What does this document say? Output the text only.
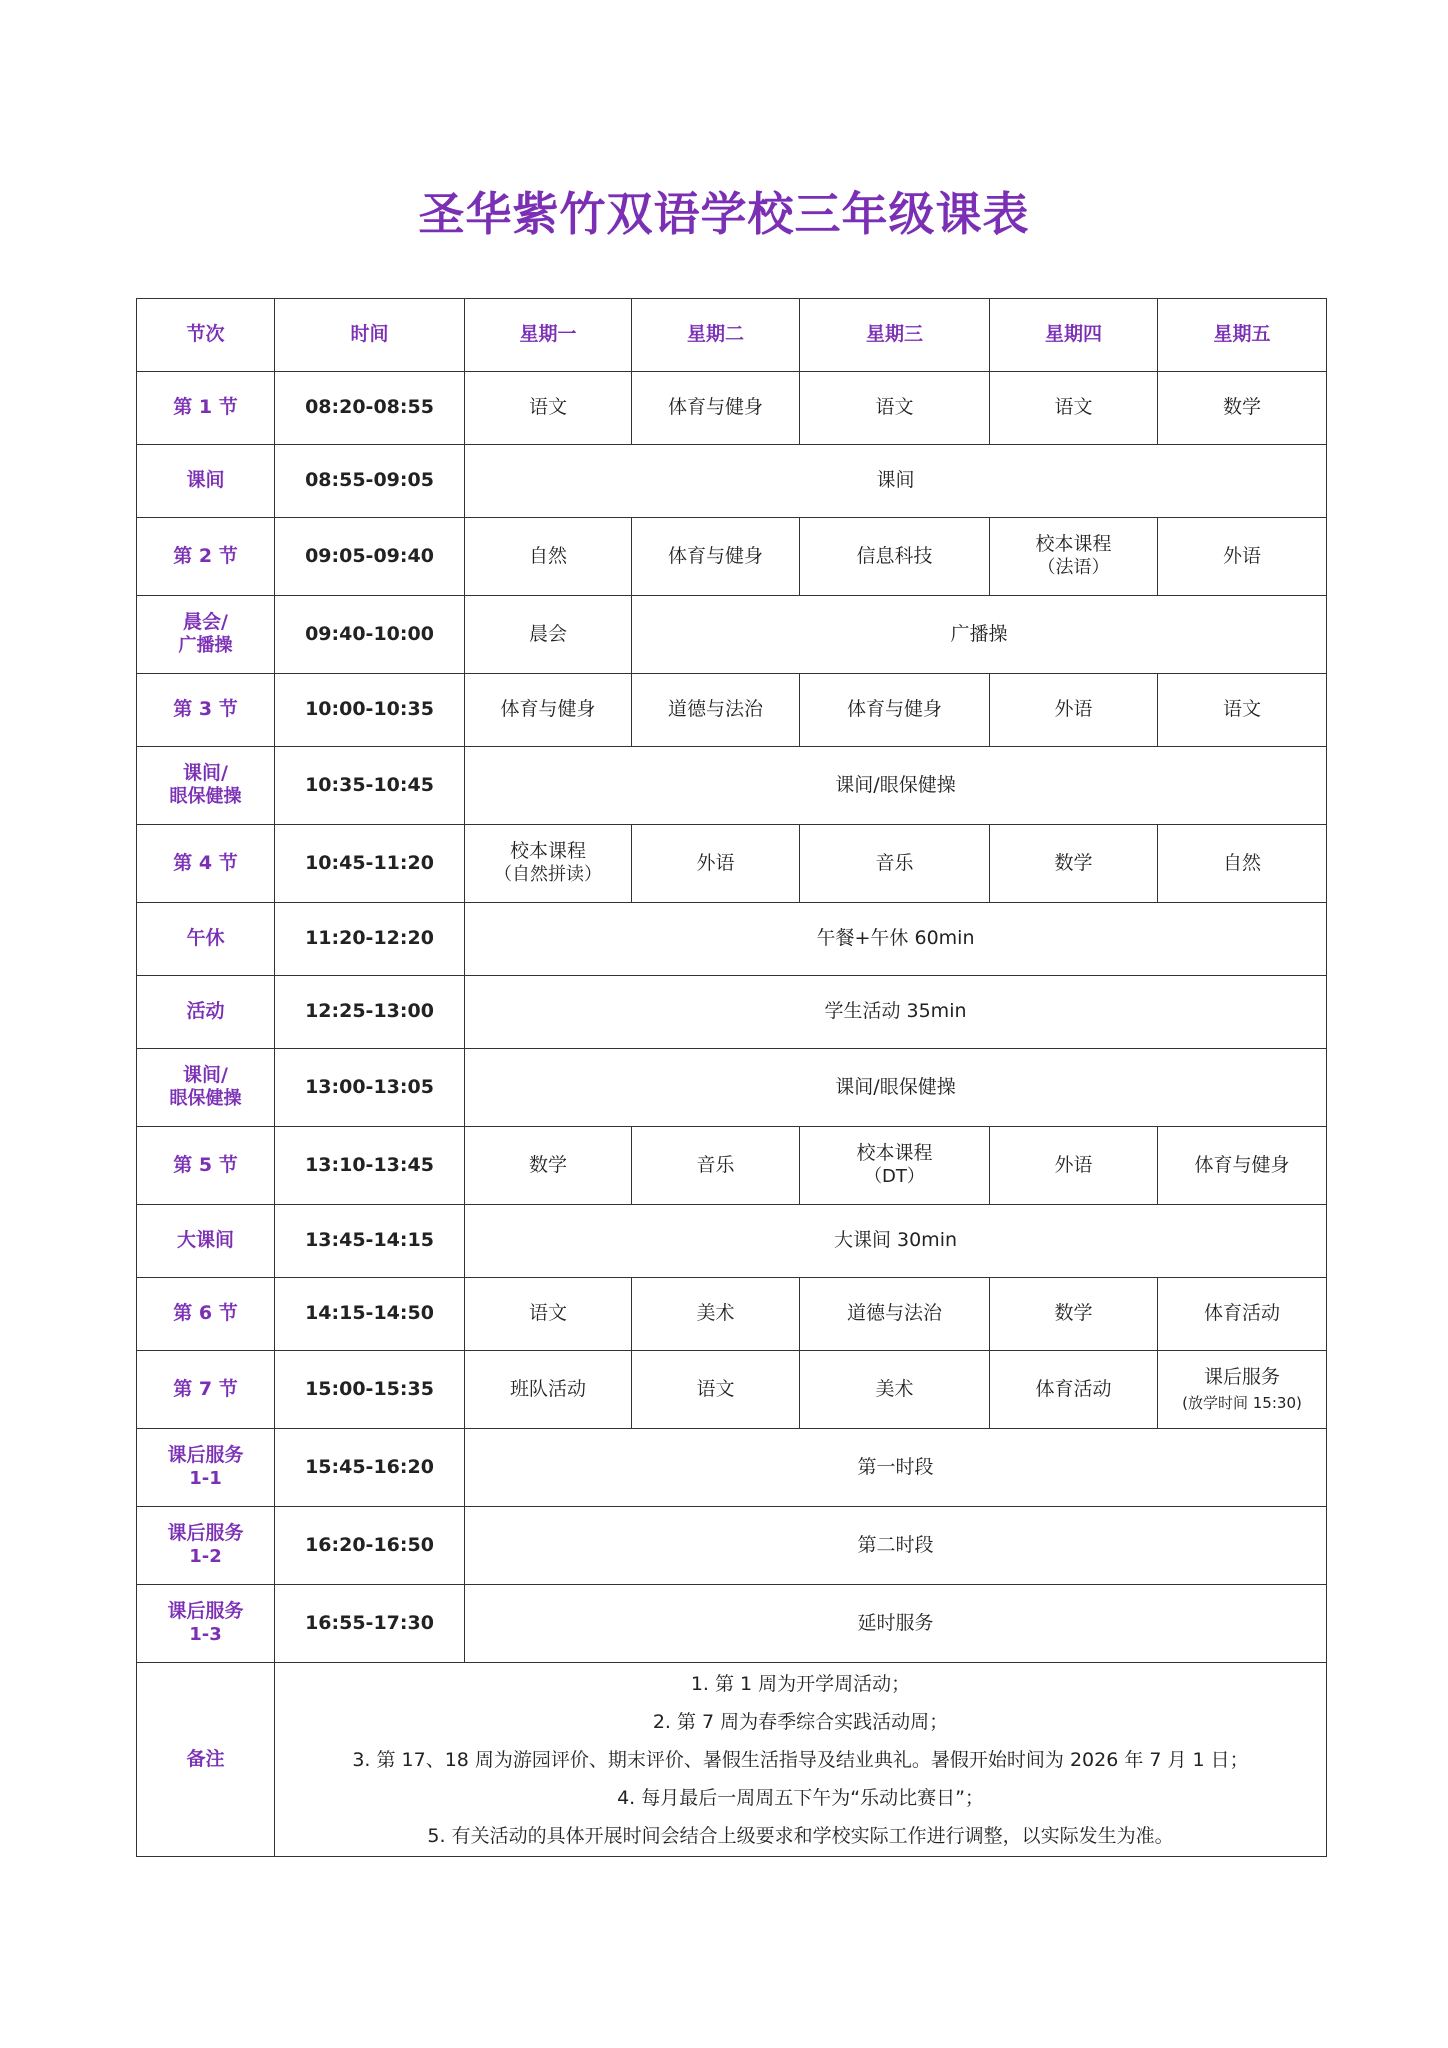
圣华紫竹双语学校三年级课表
节次	时间	星期一	星期二	星期三	星期四	星期五

第 1 节	08:20-08:55	语文	体育与健身	语文	语文	数学

课间	08:55-09:05	课间				

第 2 节	09:05-09:40	自然	体育与健身	信息科技	校本课程
（法语）	外语

晨会/
广播操	09:40-10:00	晨会	广播操			

第 3 节	10:00-10:35	体育与健身	道德与法治	体育与健身	外语	语文

课间/
眼保健操	10:35-10:45	课间/眼保健操				

第 4 节	10:45-11:20	校本课程
（自然拼读）	外语	音乐	数学	自然

午休	11:20-12:20	午餐+午休 60min				

活动	12:25-13:00	学生活动 35min				

课间/
眼保健操	13:00-13:05	课间/眼保健操				

第 5 节	13:10-13:45	数学	音乐	校本课程
（DT）	外语	体育与健身

大课间	13:45-14:15	大课间 30min				

第 6 节	14:15-14:50	语文	美术	道德与法治	数学	体育活动

第 7 节	15:00-15:35	班队活动	语文	美术	体育活动	课后服务
(放学时间 15:30)

课后服务
1-1	15:45-16:20	第一时段				

课后服务
1-2	16:20-16:50	第二时段				

课后服务
1-3	16:55-17:30	延时服务				
备注	1. 第 1 周为开学周活动；
2. 第 7 周为春季综合实践活动周；
3. 第 17、18 周为游园评价、期末评价、暑假生活指导及结业典礼。暑假开始时间为 2026 年 7 月 1 日；
4. 每月最后一周周五下午为“乐动比赛日”；
5. 有关活动的具体开展时间会结合上级要求和学校实际工作进行调整，以实际发生为准。					
